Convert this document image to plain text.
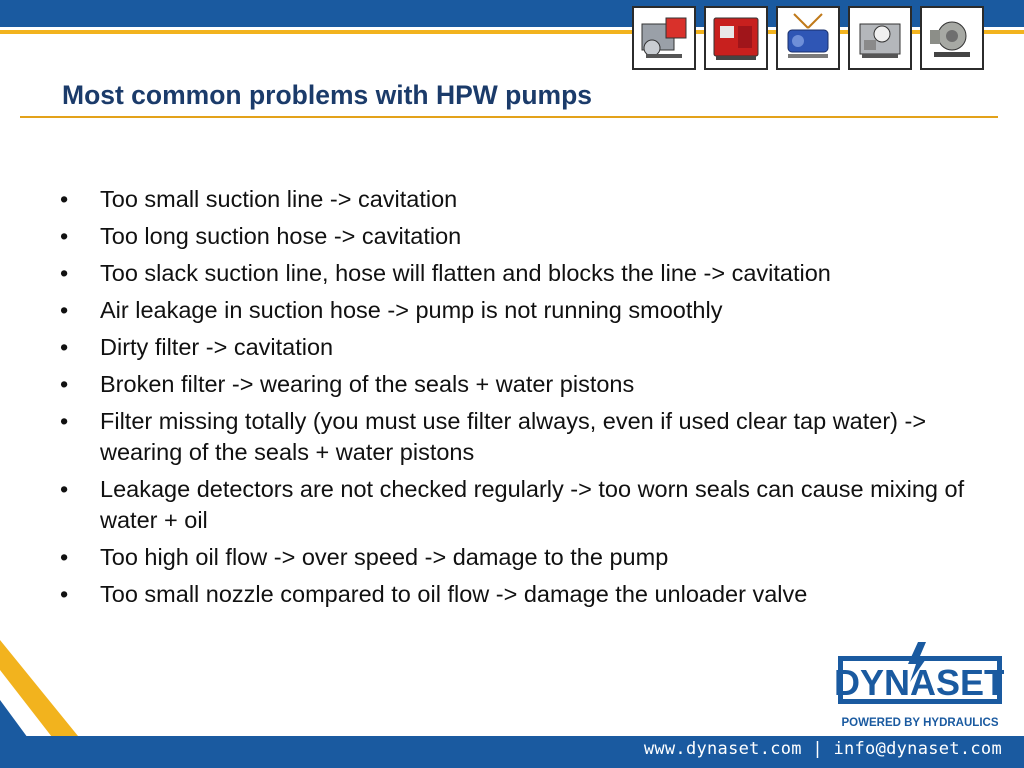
Most common problems with HPW pumps
• Too small suction line -> cavitation
• Too long suction hose -> cavitation
• Too slack suction line, hose will flatten and blocks the line -> cavitation
• Air leakage in suction hose -> pump is not running smoothly
• Dirty filter -> cavitation
• Broken filter -> wearing of the seals + water pistons
• Filter missing totally (you must use filter always, even if used clear tap water) -> wearing of the seals + water pistons
• Leakage detectors are not checked regularly -> too worn seals can cause mixing of water + oil
• Too high oil flow -> over speed -> damage to the pump
• Too small nozzle compared to oil flow -> damage the unloader valve
DYNASET
POWERED BY HYDRAULICS
www.dynaset.com | info@dynaset.com
